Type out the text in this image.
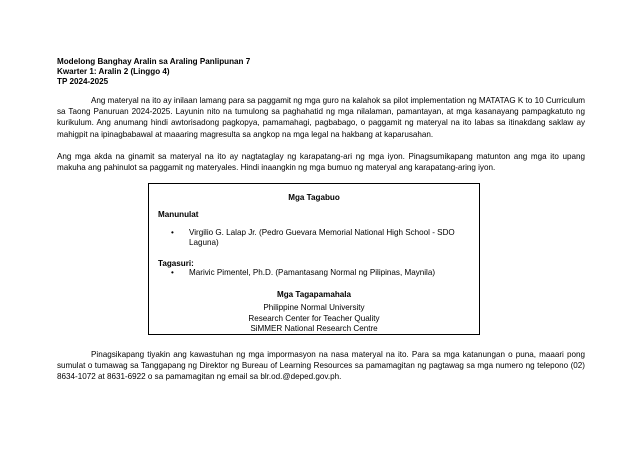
Modelong Banghay Aralin sa Araling Panlipunan 7
Kwarter 1: Aralin 2 (Linggo 4)
TP 2024-2025

Ang materyal na ito ay inilaan lamang para sa paggamit ng mga guro na kalahok sa pilot implementation ng MATATAG K to 10 Curriculum sa Taong Panuruan 2024-2025. Layunin nito na tumulong sa paghahatid ng mga nilalaman, pamantayan, at mga kasanayang pampagkatuto ng kurikulum. Ang anumang hindi awtorisadong pagkopya, pamamahagi, pagbabago, o paggamit ng materyal na ito labas sa itinakdang saklaw ay mahigpit na ipinagbabawal at maaaring magresulta sa angkop na mga legal na hakbang at kaparusahan.

Ang mga akda na ginamit sa materyal na ito ay nagtataglay ng karapatang-ari ng mga iyon. Pinagsumikapang matunton ang mga ito upang makuha ang pahinulot sa paggamit ng materyales. Hindi inaangkin ng mga bumuo ng materyal ang karapatang-aring iyon.

Mga Tagabuo
Manunulat
• Virgilio G. Lalap Jr. (Pedro Guevara Memorial National High School - SDO Laguna)
Tagasuri:
• Marivic Pimentel, Ph.D. (Pamantasang Normal ng Pilipinas, Maynila)
Mga Tagapamahala
Philippine Normal University
Research Center for Teacher Quality
SiMMER National Research Centre

Pinagsikapang tiyakin ang kawastuhan ng mga impormasyon na nasa materyal na ito. Para sa mga katanungan o puna, maaari pong sumulat o tumawag sa Tanggapang ng Direktor ng Bureau of Learning Resources sa pamamagitan ng pagtawag sa mga numero ng telepono (02) 8634-1072 at 8631-6922 o sa pamamagitan ng email sa blr.od.@deped.gov.ph.
